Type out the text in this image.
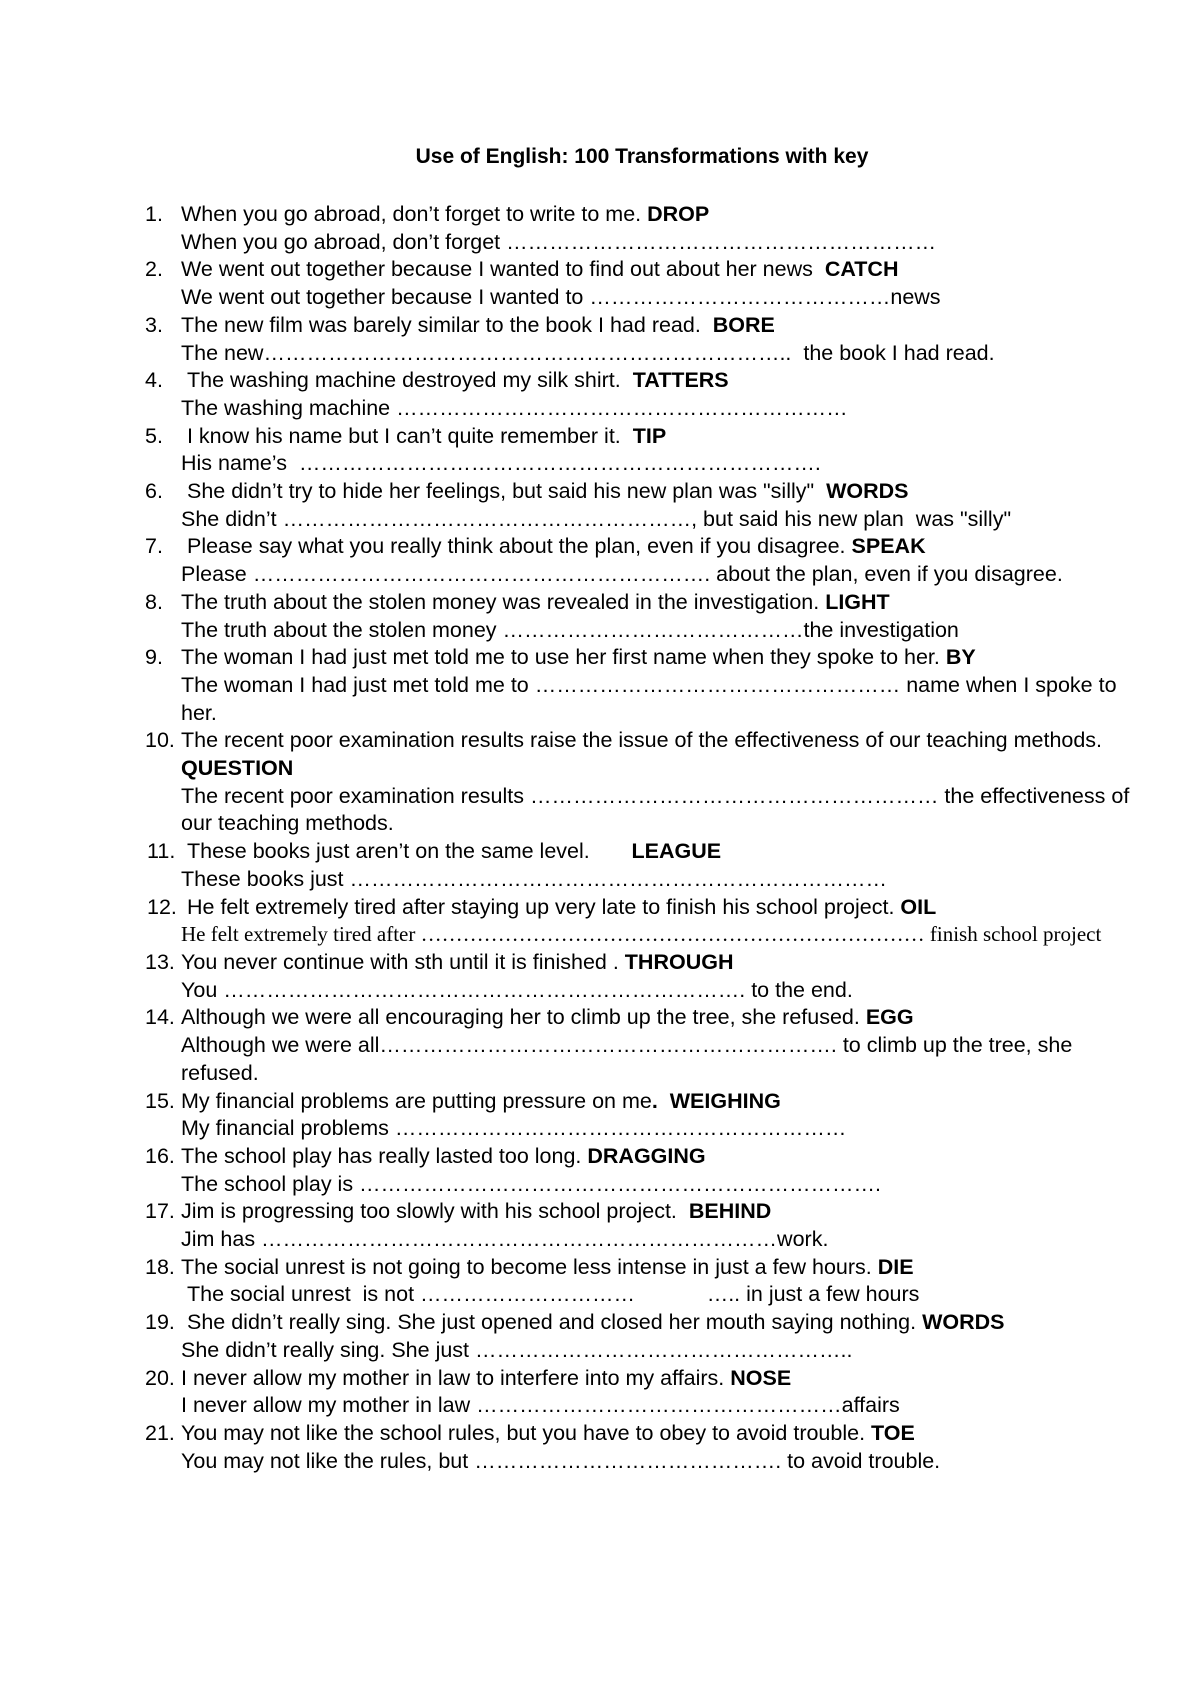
Use of English: 100 Transformations with key
1. When you go abroad, don’t forget to write to me. DROP
When you go abroad, don’t forget ……………………………………………………
2. We went out together because I wanted to find out about her news  CATCH
We went out together because I wanted to ……………………………………news
3. The new film was barely similar to the book I had read.  BORE
The new………………………………………………………………..  the book I had read.
4. The washing machine destroyed my silk shirt.  TATTERS
The washing machine ………………………………………………………
5. I know his name but I can’t quite remember it.  TIP
His name’s  ……………………………………………………………….
6. She didn’t try to hide her feelings, but said his new plan was "silly"  WORDS
She didn’t …………………………………………………, but said his new plan  was "silly"
7. Please say what you really think about the plan, even if you disagree. SPEAK
Please ………………………………………………………. about the plan, even if you disagree.
8. The truth about the stolen money was revealed in the investigation. LIGHT
The truth about the stolen money ……………………………………the investigation
9. The woman I had just met told me to use her first name when they spoke to her. BY
The woman I had just met told me to …………………………………………… name when I spoke to her.
10. The recent poor examination results raise the issue of the effectiveness of our teaching methods.  QUESTION
The recent poor examination results ………………………………………………… the effectiveness of our teaching methods.
11. These books just aren’t on the same level.       LEAGUE
These books just …………………………………………………………………
12. He felt extremely tired after staying up very late to finish his school project. OIL
He felt extremely tired after ……………………………………………………………… finish school project
13. You never continue with sth until it is finished . THROUGH
You ………………………………………………………………. to the end.
14. Although we were all encouraging her to climb up the tree, she refused. EGG
Although we were all………………………………………………………. to climb up the tree, she refused.
15. My financial problems are putting pressure on me.  WEIGHING
My financial problems ………………………………………………………
16. The school play has really lasted too long. DRAGGING
The school play is ……………………………………………………………….
17. Jim is progressing too slowly with his school project.  BEHIND
Jim has ………………………………………………………………work.
18. The social unrest is not going to become less intense in just a few hours. DIE
The social unrest  is not …………………………            ….. in just a few hours
19. She didn’t really sing. She just opened and closed her mouth saying nothing. WORDS
She didn’t really sing. She just ……………………………………………..
20. I never allow my mother in law to interfere into my affairs. NOSE
I never allow my mother in law ……………………………………………affairs
21. You may not like the school rules, but you have to obey to avoid trouble. TOE
You may not like the rules, but ……………………………………. to avoid trouble.
